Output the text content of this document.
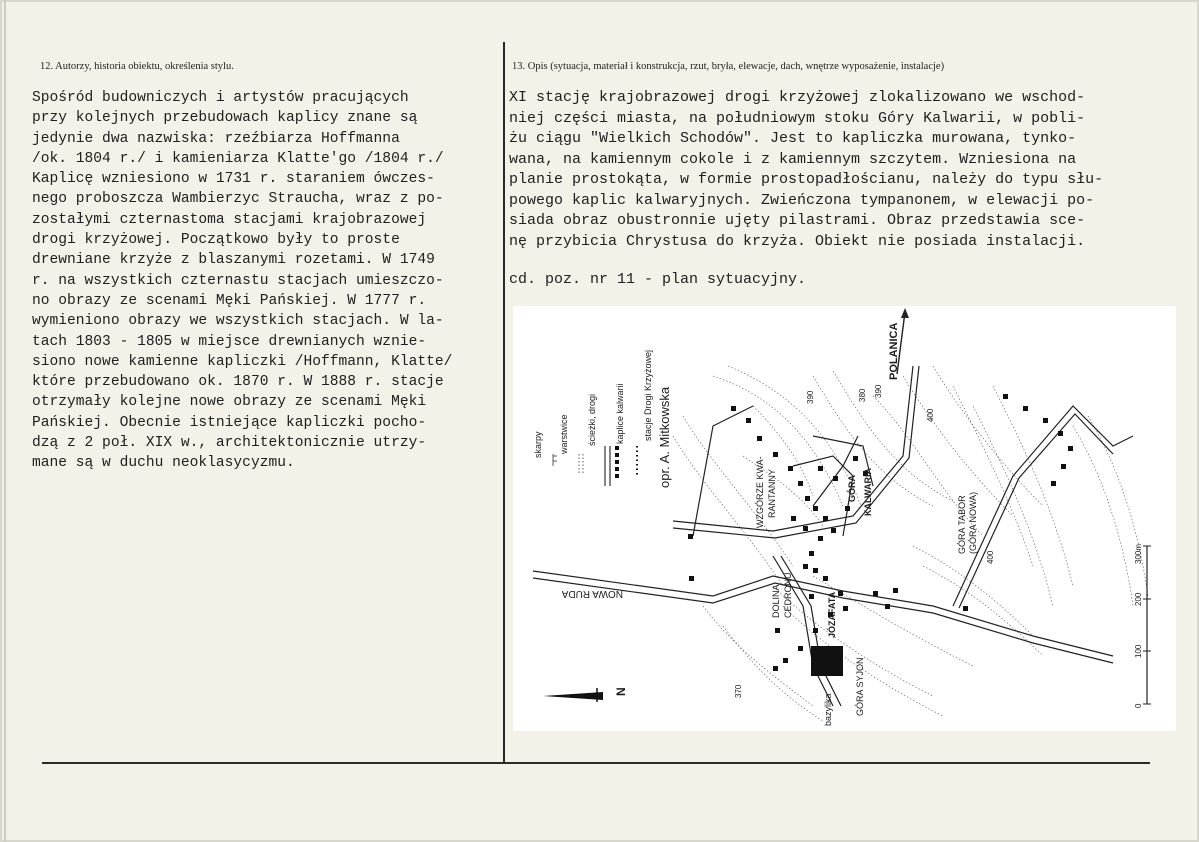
12. Autorzy, historia obiektu, określenia stylu.	13. Opis (sytuacja, materiał i konstrukcja, rzut, bryła, elewacje, dach, wnętrze wyposażenie, instalacje)
Spośród budowniczych i artystów pracujących
przy kolejnych przebudowach kaplicy znane są
jedynie dwa nazwiska: rzeźbiarza Hoffmanna
/ok. 1804 r./ i kamieniarza Klatte'go /1804 r./
Kaplicę wzniesiono w 1731 r. staraniem ówczes-
nego proboszcza Wambierzyc Straucha, wraz z po-
zostałymi czternastoma stacjami krajobrazowej
drogi krzyżowej. Początkowo były to proste
drewniane krzyże z blaszanymi rozetami. W 1749
r. na wszystkich czternastu stacjach umieszczo-
no obrazy ze scenami Męki Pańskiej. W 1777 r.
wymieniono obrazy we wszystkich stacjach. W la-
tach 1803 - 1805 w miejsce drewnianych wznie-
siono nowe kamienne kapliczki /Hoffmann, Klatte/
które przebudowano ok. 1870 r. W 1888 r. stacje
otrzymały kolejne nowe obrazy ze scenami Męki
Pańskiej. Obecnie istniejące kapliczki pocho-
dzą z 2 poł. XIX w., architektonicznie utrzy-
mane są w duchu neoklasycyzmu.
XI stację krajobrazowej drogi krzyżowej zlokalizowano we wschod-
niej części miasta, na południowym stoku Góry Kalwarii, w pobli-
żu ciągu "Wielkich Schodów". Jest to kapliczka murowana, tynko-
wana, na kamiennym cokole i z kamiennym szczytem. Wzniesiona na
planie prostokąta, w formie prostopadłościanu, należy do typu słu-
powego kaplic kalwaryjnych. Zwieńczona tympanonem, w elewacji po-
siada obraz obustronnie ujęty pilastrami. Obraz przedstawia sce-
nę przybicia Chrystusa do krzyża. Obiekt nie posiada instalacji.
cd. poz. nr 11 - plan sytuacyjny.
skarpy warstwice ścieżki, drogi kaplice kalwarii stacje Drogi Krzyżowej opr. A. Mitkowska
POLANICA
NOWA RUDA
WZGÓRZE KWA- RANTANNY	GÓRA KALWARIA
GÓRA TABOR (GÓRA NOWA)
DOLINA CEDRONU	JÓZAFATA
GÓRA SYJON
bazylika
390	380 390
400
370
400
300m
200
100
0
N
